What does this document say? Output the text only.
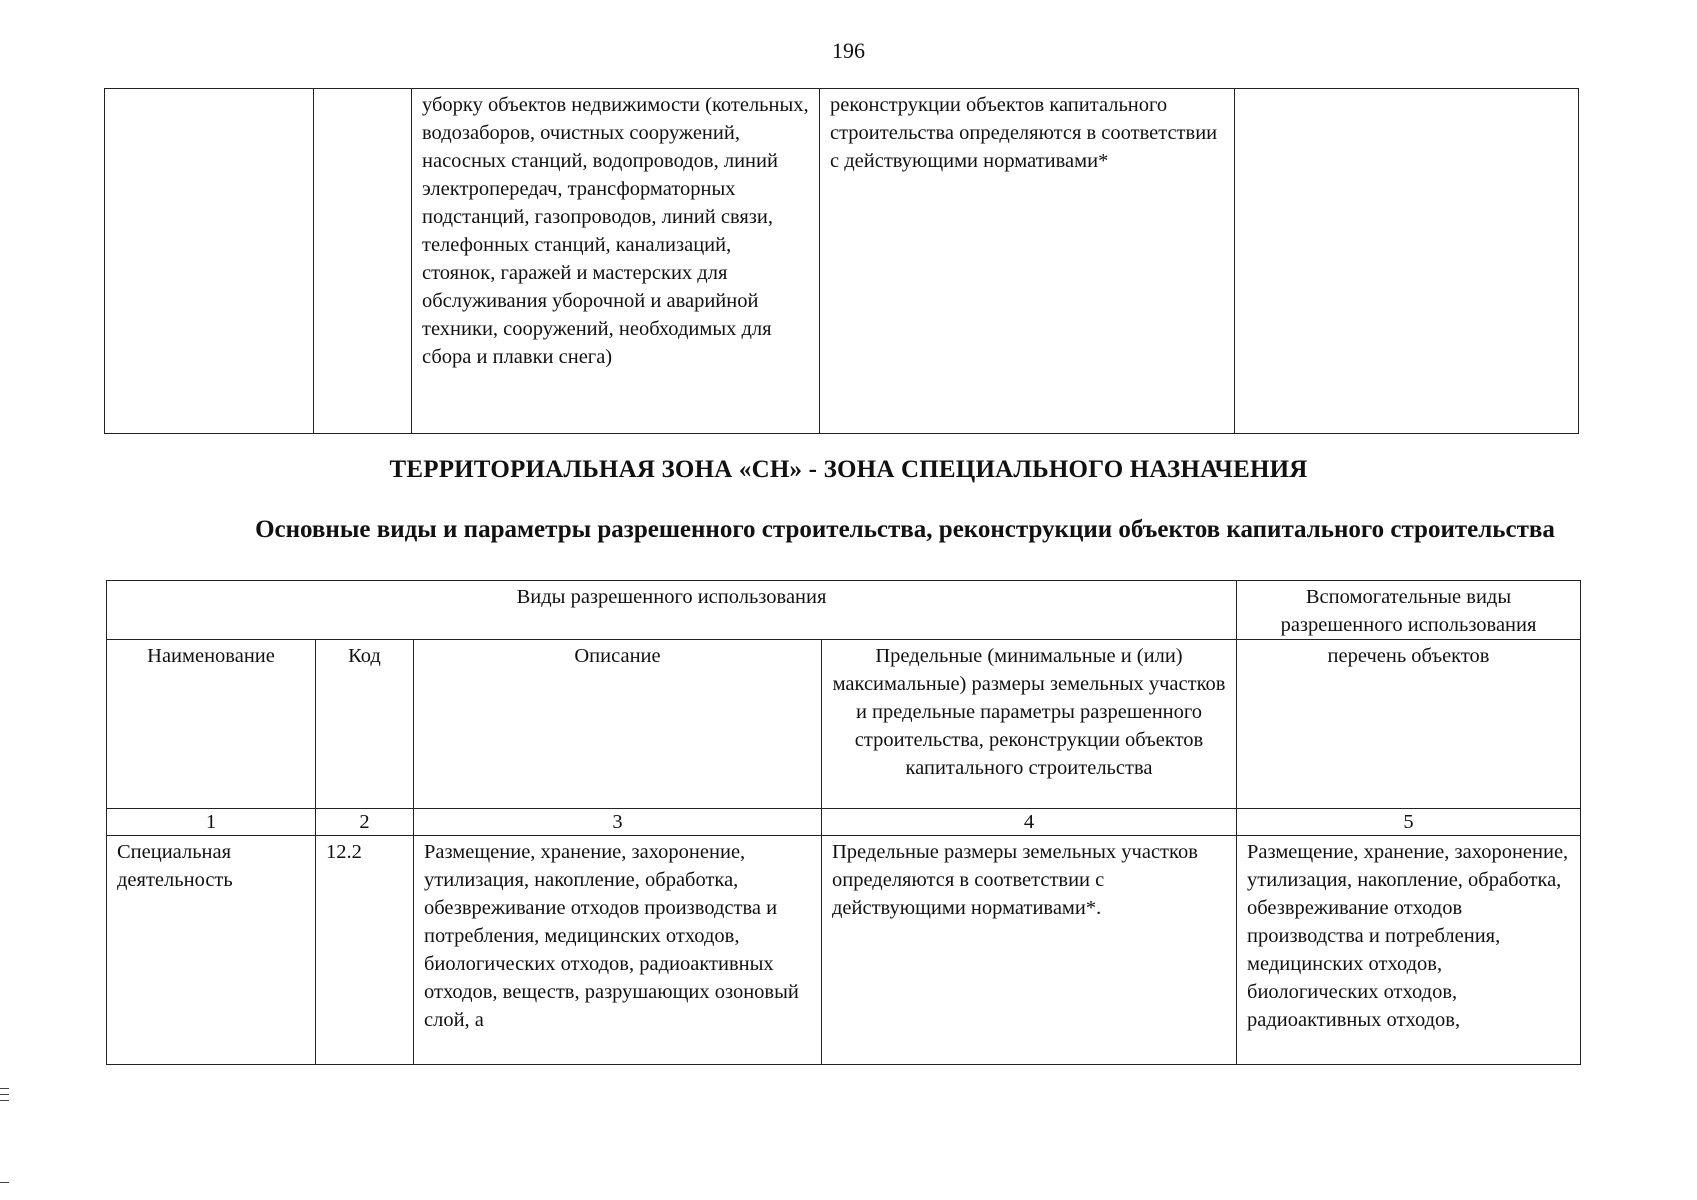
196
		уборку объектов недвижимости (котельных, водозаборов, очистных сооружений, насосных станций, водопроводов, линий электропередач, трансформаторных подстанций, газопроводов, линий связи, телефонных станций, канализаций, стоянок, гаражей и мастерских для обслуживания уборочной и аварийной техники, сооружений, необходимых для сбора и плавки снега)	реконструкции объектов капитального строительства определяются в соответствии с действующими нормативами*	
ТЕРРИТОРИАЛЬНАЯ ЗОНА «СН» - ЗОНА СПЕЦИАЛЬНОГО НАЗНАЧЕНИЯ
Основные виды и параметры разрешенного строительства, реконструкции объектов капитального строительства
Виды разрешенного использования				Вспомогательные виды разрешенного использования
Наименование	Код	Описание	Предельные (минимальные и (или) максимальные) размеры земельных участков и предельные параметры разрешенного строительства, реконструкции объектов капитального строительства	перечень объектов
1	2	3	4	5
Специальная деятельность	12.2	Размещение, хранение, захоронение, утилизация, накопление, обработка, обезвреживание отходов производства и потребления, медицинских отходов, биологических отходов, радиоактивных отходов, веществ, разрушающих озоновый слой, а	Предельные размеры земельных участков определяются в соответствии с действующими нормативами*.	Размещение, хранение, захоронение, утилизация, накопление, обработка, обезвреживание отходов производства и потребления, медицинских отходов, биологических отходов, радиоактивных отходов,
